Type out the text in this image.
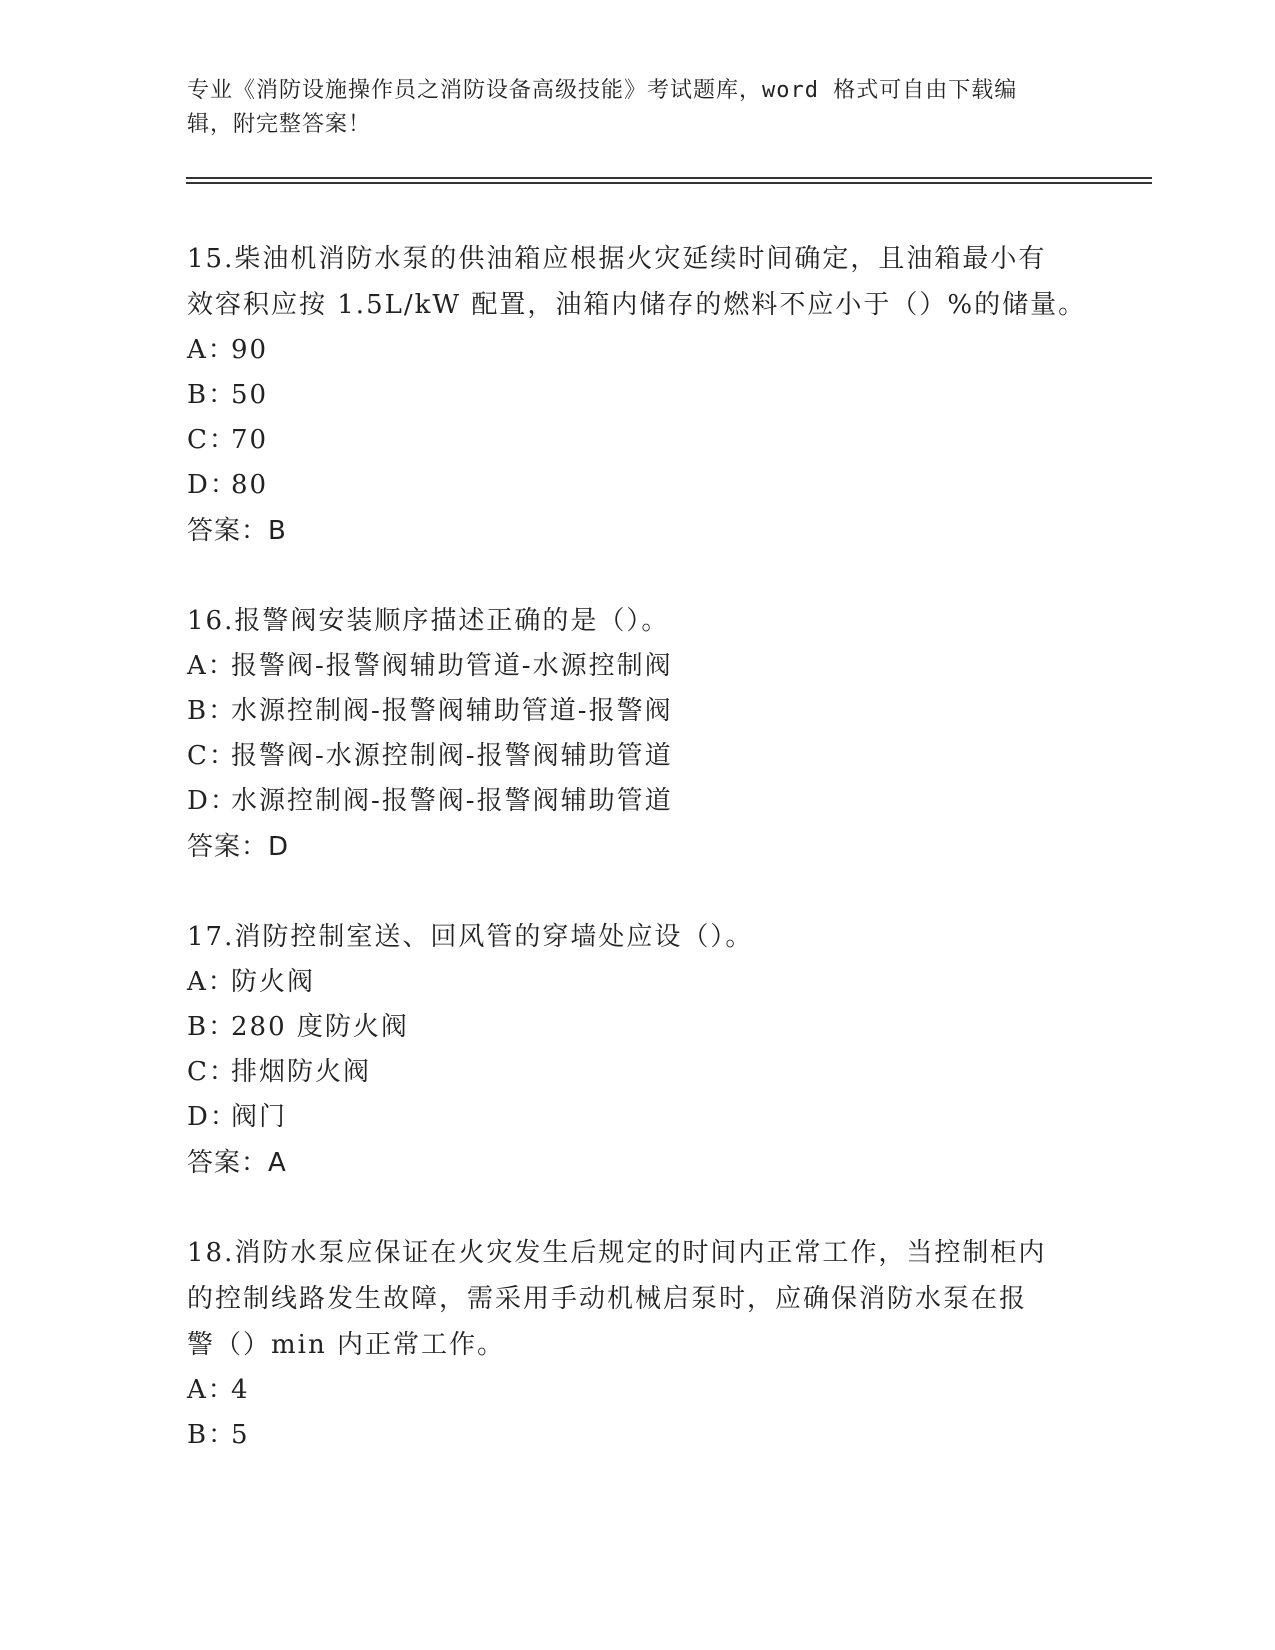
专业《消防设施操作员之消防设备高级技能》考试题库，word 格式可自由下载编
辑，附完整答案！

15.柴油机消防水泵的供油箱应根据火灾延续时间确定，且油箱最小有

效容积应按 1.5L/kW 配置，油箱内储存的燃料不应小于（）%的储量。

A：90

B：50

C：70

D：80

答案：B

16.报警阀安装顺序描述正确的是（）。

A：报警阀-报警阀辅助管道-水源控制阀

B：水源控制阀-报警阀辅助管道-报警阀

C：报警阀-水源控制阀-报警阀辅助管道

D：水源控制阀-报警阀-报警阀辅助管道

答案：D

17.消防控制室送、回风管的穿墙处应设（）。

A：防火阀

B：280 度防火阀

C：排烟防火阀

D：阀门

答案：A

18.消防水泵应保证在火灾发生后规定的时间内正常工作，当控制柜内

的控制线路发生故障，需采用手动机械启泵时，应确保消防水泵在报

警（）min 内正常工作。

A：4

B：5
